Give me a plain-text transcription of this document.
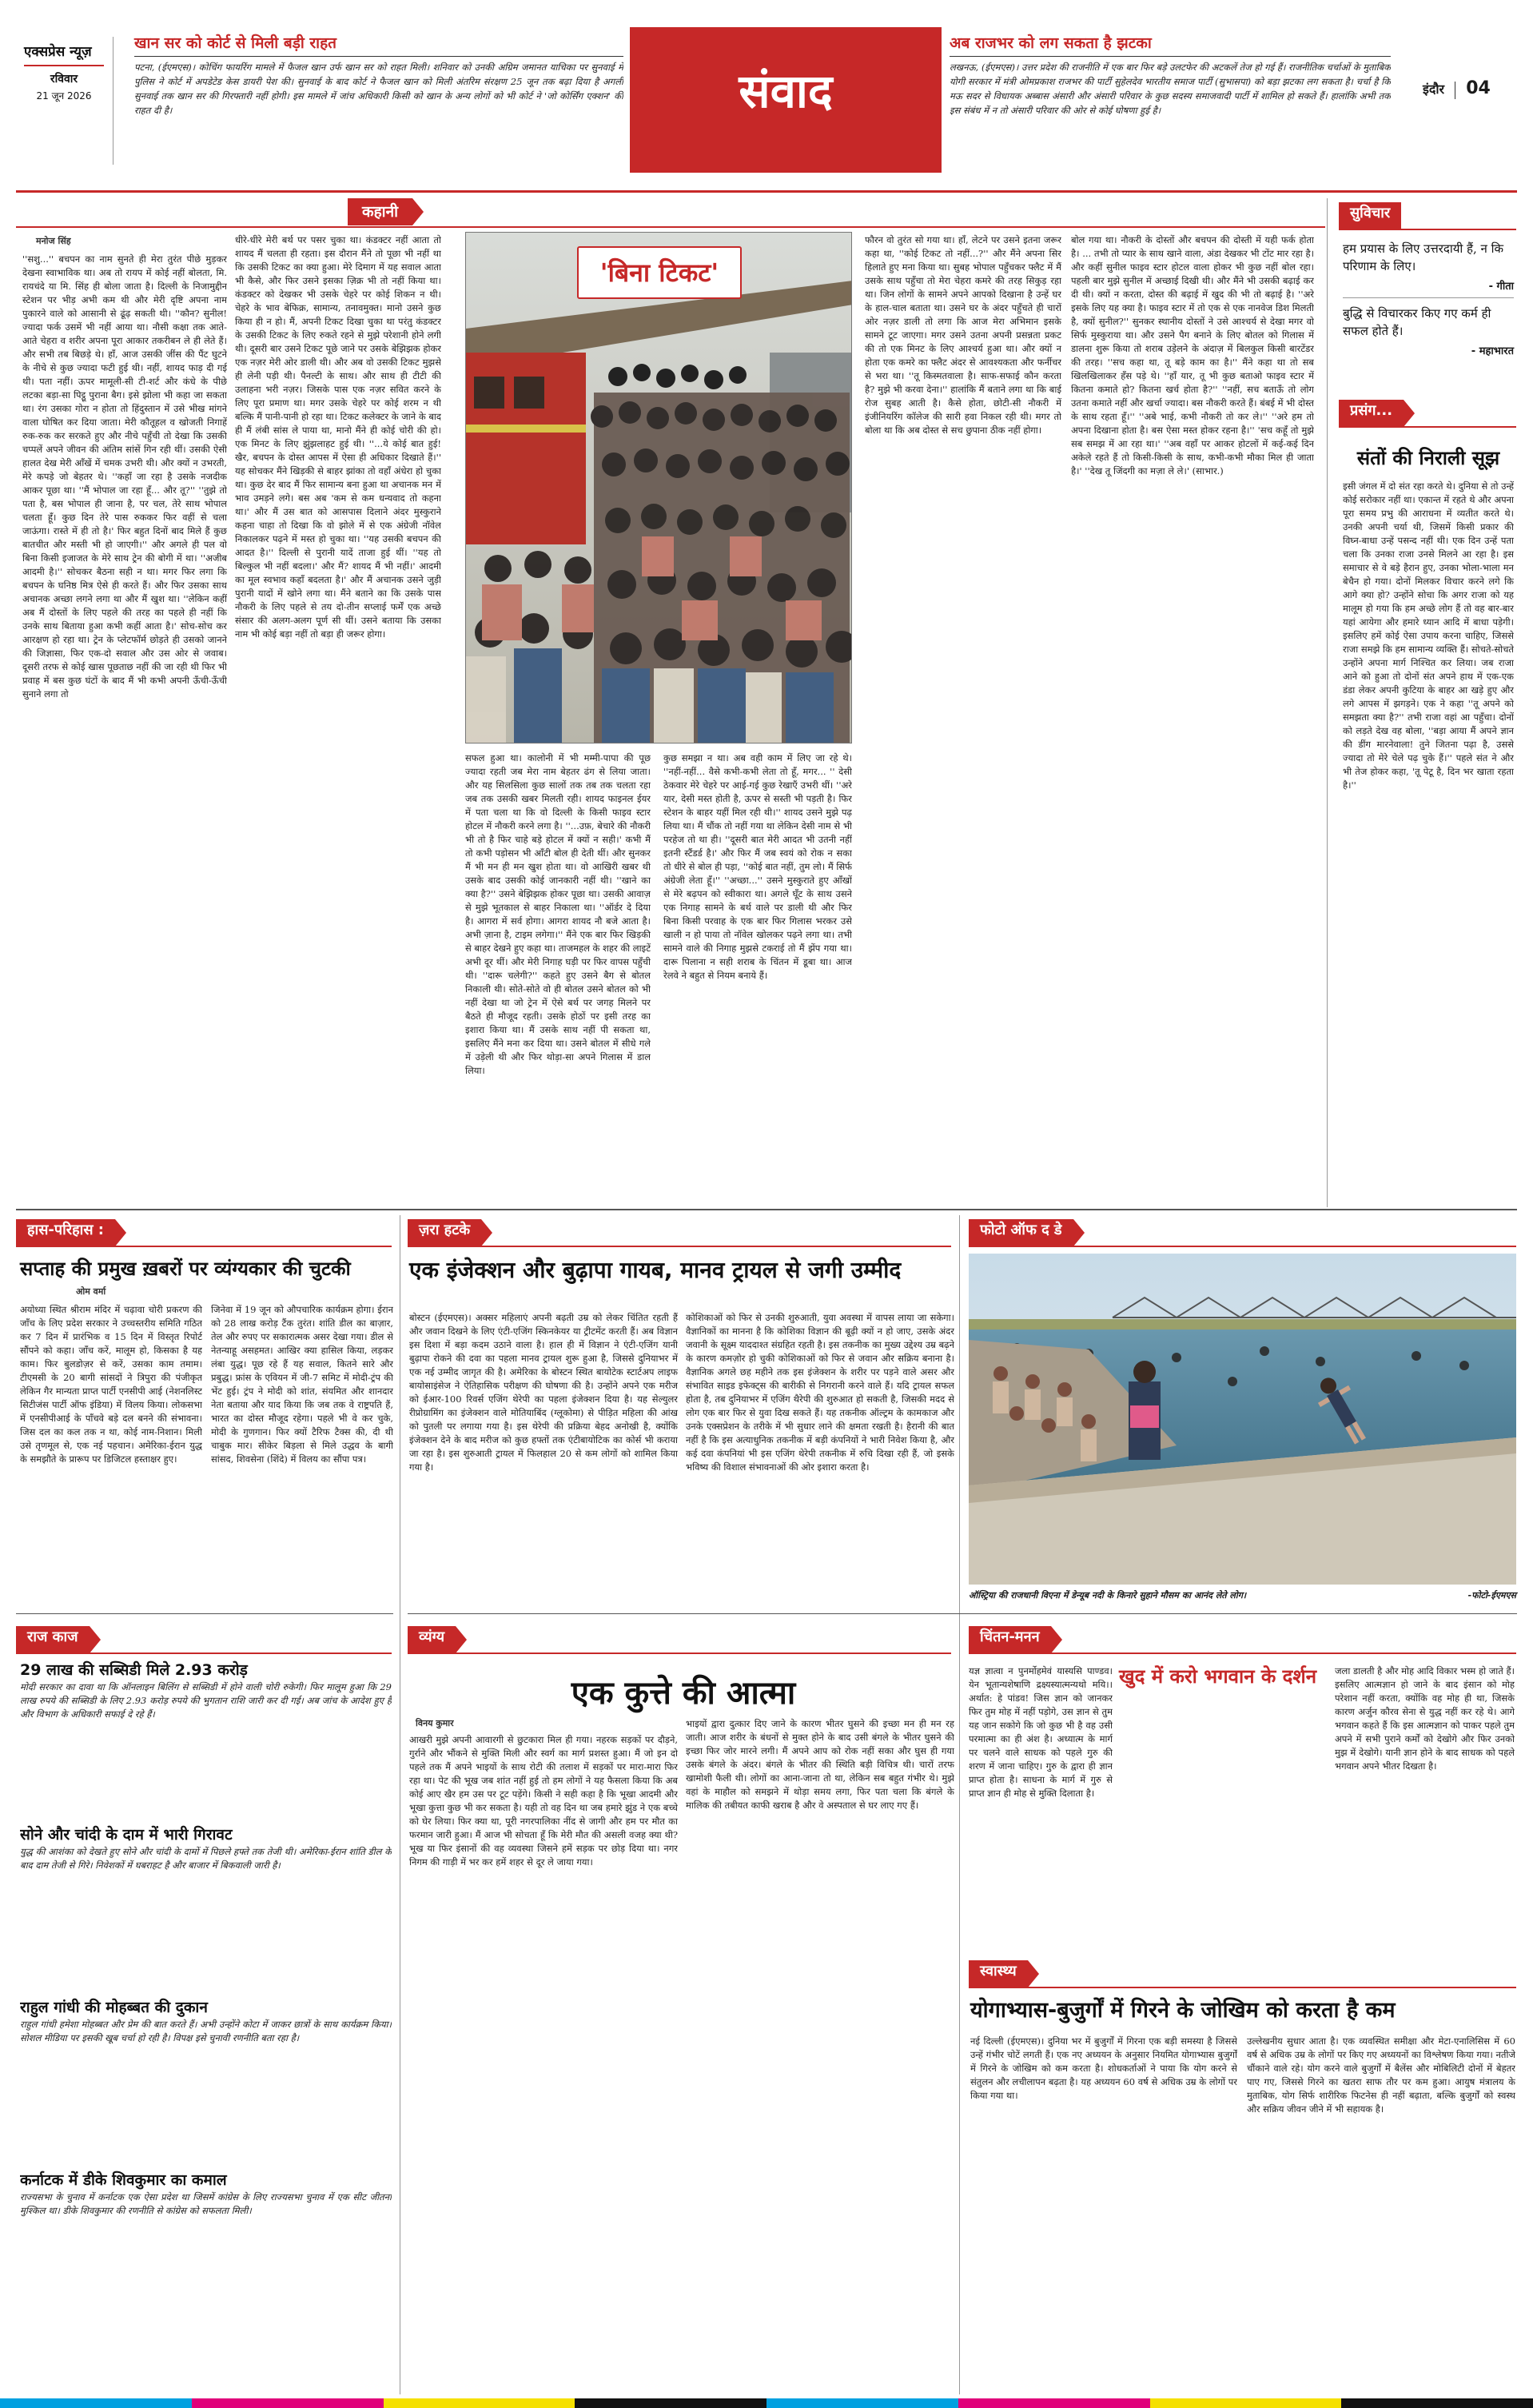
एक्सप्रेस न्यूज़
रविवार
21 जून 2026
खान सर को कोर्ट से मिली बड़ी राहत
पटना, (ईएमएस)। कोचिंग फायरिंग मामले में फैजल खान उर्फ खान सर को राहत मिली। शनिवार को उनकी अग्रिम जमानत याचिका पर सुनवाई में पुलिस ने कोर्ट में अपडेटेड केस डायरी पेश की। सुनवाई के बाद कोर्ट ने फैजल खान को मिली अंतरिम संरक्षण 25 जून तक बढ़ा दिया है अगली सुनवाई तक खान सर की गिरफ्तारी नहीं होगी। इस मामले में जांच अधिकारी किसी को खान के अन्य लोगों को भी कोर्ट ने 'जो कोर्सिंग एक्शन' की राहत दी है।	संवाद
अब राजभर को लग सकता है झटका
लखनऊ, (ईएमएस)। उत्तर प्रदेश की राजनीति में एक बार फिर बड़े उलटफेर की अटकलें तेज हो गई हैं। राजनीतिक चर्चाओं के मुताबिक योगी सरकार में मंत्री ओमप्रकाश राजभर की पार्टी सुहेलदेव भारतीय समाज पार्टी (सुभासपा) को बड़ा झटका लग सकता है। चर्चा है कि मऊ सदर से विधायक अब्बास अंसारी और अंसारी परिवार के कुछ सदस्य समाजवादी पार्टी में शामिल हो सकते हैं। हालांकि अभी तक इस संबंध में न तो अंसारी परिवार की ओर से कोई घोषणा हुई है।
इंदौर 04
कहानी
मनोज सिंह
''सशु...'' बचपन का नाम सुनते ही मेरा तुरंत पीछे मुड़कर देखना स्वाभाविक था। अब तो रायप में कोई नहीं बोलता, मि. रायचंदे या मि. सिंह ही बोला जाता है। दिल्ली के निजामुद्दीन स्टेशन पर भीड़ अभी कम थी और मेरी दृष्टि अपना नाम पुकारने वाले को आसानी से ढूंढ़ सकती थी। ''कौन? सुनील! ज्यादा फर्क उसमें भी नहीं आया था। नौसी कक्षा तक आते-आते चेहरा व शरीर अपना पूरा आकार तकरीबन ले ही लेते हैं। और सभी तब बिछड़े थे। हाँ, आज उसकी जींस की पैंट घुटने के नीचे से कुछ ज्यादा फटी हुई थी। नहीं, शायद फाड़ दी गई थी। पता नहीं। ऊपर मामूली-सी टी-शर्ट और कंधे के पीछे लटका बड़ा-सा पिट्ठू पुराना बैग। इसे झोला भी कहा जा सकता था। रंग उसका गोरा न होता तो हिंदुस्तान में उसे भीख मांगने वाला घोषित कर दिया जाता। मेरी कौतूहल व खोजती निगाहें रुक-रुक कर सरकते हुए और नीचे पहुँची तो देखा कि उसकी चप्पलें अपने जीवन की अंतिम सांसें गिन रही थीं। उसकी ऐसी हालत देख मेरी आँखें में चमक उभरी थी। और क्यों न उभरती, मेरे कपड़े जो बेहतर थे। ''कहाँ जा रहा है उसके नजदीक आकर पूछा था। ''मैं भोपाल जा रहा हूँ... और तू?'' ''तुझे तो पता है, बस भोपाल ही जाना है, पर चल, तेरे साथ भोपाल चलता हूँ। कुछ दिन तेरे पास रुककर फिर वहीं से चला जाऊंगा। रास्ते में ही तो है।' फिर बहुत दिनों बाद मिले हैं कुछ बातचीत और मस्ती भी हो जाएगी।'' और अगले ही पल वो बिना किसी इजाजत के मेरे साथ ट्रेन की बोगी में था। ''अजीब आदमी है।'' सोचकर बैठना सही न था। मगर फिर लगा कि बचपन के घनिष्ठ मित्र ऐसे ही करते हैं। और फिर उसका साथ अचानक अच्छा लगने लगा था और मैं खुश था। ''लेकिन कहीं अब मैं दोस्तों के लिए पहले की तरह का पहले ही नहीं कि उनके साथ बिताया हुआ कभी कहीं आता है।' सोच-सोच कर आरक्षण हो रहा था। ट्रेन के प्लेटफॉर्म छोड़ते ही उसको जानने की जिज्ञासा, फिर एक-दो सवाल और उस ओर से जवाब। दूसरी तरफ से कोई खास पूछताछ नहीं की जा रही थी फिर भी प्रवाह में बस कुछ घंटों के बाद मैं भी कभी अपनी ऊँची-ऊँची सुनाने लगा तो
धीरे-धीरे मेरी बर्थ पर पसर चुका था। कंडक्टर नहीं आता तो शायद मैं चलता ही रहता। इस दौरान मैंने तो पूछा भी नहीं था कि उसकी टिकट का क्या हुआ। मेरे दिमाग में यह सवाल आता भी कैसे, और फिर उसने इसका ज़िक्र भी तो नहीं किया था। कंडक्टर को देखकर भी उसके चेहरे पर कोई शिकन न थी। चेहरे के भाव बेफिक्र, सामान्य, तनावमुक्त। मानो उसने कुछ किया ही न हो। मैं, अपनी टिकट दिखा चुका था परंतु कंडक्टर के उसकी टिकट के लिए रुकते रहने से मुझे परेशानी होने लगी थी। दूसरी बार उसने टिकट पूछे जाने पर उसके बेझिझक होकर एक नज़र मेरी ओर डाली थी। और अब वो उसकी टिकट मुझसे ही लेनी पड़ी थी। पैनल्टी के साथ। और साथ ही टीटी की उलाहना भरी नज़र। जिसके पास एक नज़र सवित करने के लिए पूरा प्रमाण था। मगर उसके चेहरे पर कोई शरम न थी बल्कि मैं पानी-पानी हो रहा था। टिकट कलेक्टर के जाने के बाद ही मैं लंबी सांस ले पाया था, मानो मैंने ही कोई चोरी की हो। एक मिनट के लिए झुंझलाहट हुई थी। ''...ये कोई बात हुई! खैर, बचपन के दोस्त आपस में ऐसा ही अधिकार दिखाते हैं।'' यह सोचकर मैंने खिड़की से बाहर झांका तो वहाँ अंधेरा हो चुका था। कुछ देर बाद मैं फिर सामान्य बना हुआ था अचानक मन में भाव उमड़ने लगे। बस अब 'कम से कम धन्यवाद तो कहना था।' और मैं उस बात को आसपास दिलाने अंदर मुस्कुराने कहना चाहा तो दिखा कि वो झोले में से एक अंग्रेजी नॉवेल निकालकर पढ़ने में मस्त हो चुका था। ''यह उसकी बचपन की आदत है।'' दिल्ली से पुरानी यादें ताजा हुई थीं। ''यह तो बिल्कुल भी नहीं बदला।' और मैं? शायद मैं भी नहीं।' आदमी का मूल स्वभाव कहाँ बदलता है।' और मैं अचानक उसने जुड़ी पुरानी यादों में खोने लगा था। मैंने बताने का कि उसके पास नौकरी के लिए पहले से तय दो-तीन सप्लाई फर्में एक अच्छे संसार की अलग-अलग पूर्ण सी थीं। उसने बताया कि उसका नाम भी कोई बड़ा नहीं तो बड़ा ही जरूर होगा।
'बिना टिकट'
सफल हुआ था। कालोनी में भी मम्मी-पापा की पूछ ज्यादा रहती जब मेरा नाम बेहतर ढंग से लिया जाता। और यह सिलसिला कुछ सालों तक तब तक चलता रहा जब तक उसकी खबर मिलती रही। शायद फाइनल ईयर में पता चला था कि वो दिल्ली के किसी फाइव स्टार होटल में नौकरी करने लगा है। ''...उफ़, बेचारे की नौकरी भी तो है फिर चाहे बड़े होटल में क्यों न सही।' कभी मैं तो कभी पड़ोसन भी आँटी बोल ही देती थीं। और सुनकर मैं भी मन ही मन खुश होता था। वो आखिरी खबर थी उसके बाद उसकी कोई जानकारी नहीं थी। ''खाने का क्या है?'' उसने बेझिझक होकर पूछा था। उसकी आवाज़ से मुझे भूतकाल से बाहर निकाला था। ''ऑर्डर दे दिया है। आगरा में सर्व होगा। आगरा शायद नौ बजे आता है। अभी ज़ाना है, टाइम लगेगा।'' मैंने एक बार फिर खिड़की से बाहर देखने हुए कहा था। ताजमहल के शहर की लाइटें अभी दूर थीं। और मेरी निगाह घड़ी पर फिर वापस पहुँची थी। ''दारू चलेगी?'' कहते हुए उसने बैग से बोतल निकाली थी। सोते-सोते वो ही बोतल उसने बोतल को भी नहीं देखा था जो ट्रेन में ऐसे बर्थ पर जगह मिलने पर बैठते ही मौजूद रहती। उसके होठों पर इसी तरह का इशारा किया था। मैं उसके साथ नहीं पी सकता था, इसलिए मैंने मना कर दिया था। उसने बोतल में सीधे गले में उड़ेली थी और फिर थोड़ा-सा अपने गिलास में डाल लिया।
कुछ समझा न था। अब वही काम में लिए जा रहे थे। ''नहीं-नहीं... वैसे कभी-कभी लेता तो हूँ, मगर... '' देसी ठेकवार मेरे चेहरे पर आई-गई कुछ रेखाएँ उभरी थीं। ''अरे यार, देसी मस्त होती है, ऊपर से सस्ती भी पड़ती है। फिर स्टेशन के बाहर यहीं मिल रही थी।'' शायद उसने मुझे पढ़ लिया था। मैं चौंक तो नहीं गया था लेकिन देसी नाम से भी परहेज तो था ही। ''दूसरी बात मेरी आदत भी उतनी नहीं इतनी स्टैंडर्ड है।' और फिर मैं जब स्वयं को रोक न सका तो धीरे से बोल ही पड़ा, ''कोई बात नहीं, तुम लो। मैं सिर्फ अंग्रेजी लेता हूँ।'' ''अच्छा...'' उसने मुस्कुराते हुए आँखों से मेरे बढ़पन को स्वीकारा था। अगले घूँट के साथ उसने एक निगाह सामने के बर्थ वाले पर डाली थी और फिर बिना किसी परवाह के एक बार फिर गिलास भरकर उसे खाली न हो पाया तो नॉवेल खोलकर पढ़ने लगा था। तभी सामने वाले की निगाह मुझसे टकराई तो मैं झेंप गया था। दारू पिलाना न सही शराब के चिंतन में डूबा था। आज रेलवे ने बहुत से नियम बनाये हैं।
फौरन वो तुरंत सो गया था। हाँ, लेटने पर उसने इतना जरूर कहा था, ''कोई टिकट तो नहीं...?'' और मैंने अपना सिर हिलाते हुए मना किया था। सुबह भोपाल पहुँचकर फ्लैट में मैं उसके साथ पहुँचा तो मेरा चेहरा कमरे की तरह सिकुड़ रहा था। जिन लोगों के सामने अपने आपको दिखाना है उन्हें घर के हाल-चाल बताता था। उसने घर के अंदर पहुँचते ही चारों ओर नज़र डाली तो लगा कि आज मेरा अभिमान इसके सामने टूट जाएगा। मगर उसने उतना अपनी प्रसन्नता प्रकट की तो एक मिनट के लिए आश्चर्य हुआ था। और क्यों न होता एक कमरे का फ्लैट अंदर से आवश्यकता और फर्नीचर से भरा था। ''तू किस्मतवाला है। साफ-सफाई कौन करता है? मुझे भी करवा देना।'' हालांकि मैं बताने लगा था कि बाई रोज सुबह आती है। कैसे होता, छोटी-सी नौकरी में इंजीनियरिंग कॉलेज की सारी हवा निकल रही थी। मगर तो बोला था कि अब दोस्त से सच छुपाना ठीक नहीं होगा।
बोल गया था। नौकरी के दोस्तों और बचपन की दोस्ती में यही फर्क होता है। ... तभी तो प्यार के साथ खाने वाला, अंडा देखकर भी टोंट मार रहा है। और कहीं सुनील फाइव स्टार होटल वाला होकर भी कुछ नहीं बोल रहा। पहली बार मुझे सुनील में अच्छाई दिखी थी। और मैंने भी उसकी बढ़ाई कर दी थी। क्यों न करता, दोस्त की बढ़ाई में खुद की भी तो बढ़ाई है। ''अरे इसके लिए यह क्या है। फाइव स्टार में तो एक से एक नानवेज डिश मिलती है, क्यों सुनील?'' सुनकर स्थानीय दोस्तों ने उसे आश्चर्य से देखा मगर वो सिर्फ मुस्कुराया था। और उसने पैग बनाने के लिए बोतल को गिलास में डालना शुरू किया तो शराब उड़ेलने के अंदाज़ में बिलकुल किसी बारटेंडर की तरह। ''सच कहा था, तू बड़े काम का है।'' मैंने कहा था तो सब खिलखिलाकर हँस पड़े थे। ''हाँ यार, तू भी कुछ बताओ फाइव स्टार में कितना कमाते हो? कितना खर्च होता है?'' ''नहीं, सच बताऊँ तो लोग उतना कमाते नहीं और खर्चा ज्यादा। बस नौकरी करते हैं। बंबई में भी दोस्त के साथ रहता हूँ।'' ''अबे भाई, कभी नौकरी तो कर ले।'' ''अरे हम तो अपना दिखाना होता है। बस ऐसा मस्त होकर रहना है।'' 'सच कहूँ तो मुझे सब समझ में आ रहा था।' ''अब वहाँ पर आकर होटलों में कई-कई दिन अकेले रहते हैं तो किसी-किसी के साथ, कभी-कभी मौका मिल ही जाता है।' ''देख तू जिंदगी का मज़ा ले ले।' (साभार.)
सुविचार
हम प्रयास के लिए उत्तरदायी हैं, न कि परिणाम के लिए।
- गीता
बुद्धि से विचारकर किए गए कर्म ही सफल होते हैं।
- महाभारत
प्रसंग...
संतों की निराली सूझ
इसी जंगल में दो संत रहा करते थे। दुनिया से तो उन्हें कोई सरोकार नहीं था। एकान्त में रहते थे और अपना पूरा समय प्रभु की आराधना में व्यतीत करते थे। उनकी अपनी चर्या थी, जिसमें किसी प्रकार की विघ्न-बाधा उन्हें पसन्द नहीं थी। एक दिन उन्हें पता चला कि उनका राजा उनसे मिलने आ रहा है। इस समाचार से वे बड़े हैरान हुए, उनका भोला-भाला मन बेचैन हो गया। दोनों मिलकर विचार करने लगे कि आगे क्या हो? उन्होंने सोचा कि अगर राजा को यह मालूम हो गया कि हम अच्छे लोग हैं तो वह बार-बार यहां आयेगा और हमारे ध्यान आदि में बाधा पड़ेगी। इसलिए हमें कोई ऐसा उपाय करना चाहिए, जिससे राजा समझे कि हम सामान्य व्यक्ति हैं। सोचते-सोचते उन्होंने अपना मार्ग निश्चित कर लिया। जब राजा आने को हुआ तो दोनों संत अपने हाथ में एक-एक डंडा लेकर अपनी कुटिया के बाहर आ खड़े हुए और लगे आपस में झगड़ने। एक ने कहा ''तू अपने को समझता क्या है?'' तभी राजा वहां आ पहुँचा। दोनों को लड़ते देख वह बोला, ''बड़ा आया मैं अपने ज्ञान की डींग मारनेवाला! तुने जितना पढ़ा है, उससे ज्यादा तो मेरे चेले पढ़ चुके हैं।'' पहले संत ने और भी तेज होकर कहा, 'तू पेटू है, दिन भर खाता रहता है।''
हास-परिहास :
सप्ताह की प्रमुख ख़बरों पर व्यंग्यकार की चुटकी
ओम वर्मा
अयोध्या स्थित श्रीराम मंदिर में चढ़ावा चोरी प्रकरण की जाँच के लिए प्रदेश सरकार ने उच्चस्तरीय समिति गठित कर 7 दिन में प्रारंभिक व 15 दिन में विस्तृत रिपोर्ट सौंपने को कहा। जाँच करें, मालूम हो, किसका है यह काम। फिर बुलडोज़र से करें, उसका काम तमाम। टीएमसी के 20 बागी सांसदों ने त्रिपुरा की पंजीकृत लेकिन गैर मान्यता प्राप्त पार्टी एनसीपी आई (नेशनलिस्ट सिटीजंस पार्टी ऑफ इंडिया) में विलय किया। लोकसभा में एनसीपीआई के पाँचवे बड़े दल बनने की संभावना। जिस दल का कल तक न था, कोई नाम-निशान। मिली उसे तृणमूल से, एक नई पहचान। अमेरिका-ईरान युद्ध के समझौते के प्रारूप पर डिजिटल हस्ताक्षर हुए।
जिनेवा में 19 जून को औपचारिक कार्यक्रम होगा। ईरान को 28 लाख करोड़ टैंक तुरंत। शांति डील का बाज़ार, तेल और रुपए पर सकारात्मक असर देखा गया। डील से नेतन्याहू असहमत। आखिर क्या हासिल किया, लड़कर लंबा युद्ध। पूछ रहे हैं यह सवाल, कितने सारे और प्रबुद्ध। फ्रांस के एवियन में जी-7 समिट में मोदी-ट्रंप की भेंट हुई। ट्रंप ने मोदी को शांत, संयमित और शानदार नेता बताया और याद किया कि जब तक वे राष्ट्रपति हैं, भारत का दोस्त मौजूद रहेगा। पहले भी वे कर चुके, मोदी के गुणगान। फिर क्यों टैरिफ टैक्स की, दी थी चाबुक मार। सीकेर बिड़ला से मिले उद्धव के बागी सांसद, शिवसेना (शिंदे) में विलय का सौंपा पत्र।
ज़रा हटके
एक इंजेक्शन और बुढ़ापा गायब, मानव ट्रायल से जगी उम्मीद
बोस्टन (ईएमएस)। अक्सर महिलाएं अपनी बढ़ती उम्र को लेकर चिंतित रहती हैं और जवान दिखने के लिए एंटी-एजिंग स्किनकेयर या ट्रीटमेंट करती हैं। अब विज्ञान इस दिशा में बड़ा कदम उठाने वाला है। हाल ही में विज्ञान ने एंटी-एजिंग यानी बुढ़ापा रोकने की दवा का पहला मानव ट्रायल शुरू हुआ है, जिससे दुनियाभर में एक नई उम्मीद जागृत की है। अमेरिका के बोस्टन स्थित बायोटेक स्टार्टअप लाइफ बायोसाइंसेज ने ऐतिहासिक परीक्षण की घोषणा की है। उन्होंने अपने एक मरीज को ईआर-100 रिवर्स एजिंग थेरेपी का पहला इंजेक्शन दिया है। यह सेल्युलर रीप्रोग्रामिंग का इंजेक्शन वाले मोतियाबिंद (ग्लूकोमा) से पीड़ित महिला की आंख को पुतली पर लगाया गया है। इस थेरेपी की प्रक्रिया बेहद अनोखी है, क्योंकि इंजेक्शन देने के बाद मरीज को कुछ हफ्तों तक एंटीबायोटिक का कोर्स भी कराया जा रहा है। इस शुरुआती ट्रायल में फिलहाल 20 से कम लोगों को शामिल किया गया है।
कोशिकाओं को फिर से उनकी शुरुआती, युवा अवस्था में वापस लाया जा सकेगा। वैज्ञानिकों का मानना है कि कोशिका विज्ञान की बूढ़ी क्यों न हो जाए, उसके अंदर जवानी के सूक्ष्म याददाश्त संग्रहित रहती है। इस तकनीक का मुख्य उद्देश्य उम्र बढ़ने के कारण कमज़ोर हो चुकी कोशिकाओं को फिर से जवान और सक्रिय बनाना है। वैज्ञानिक अगले छह महीने तक इस इंजेक्शन के शरीर पर पड़ने वाले असर और संभावित साइड इफेक्ट्स की बारीकी से निगरानी करने वाले हैं। यदि ट्रायल सफल होता है, तब दुनियाभर में एजिंग थैरेपी की शुरुआत हो सकती है, जिसकी मदद से लोग एक बार फिर से युवा दिख सकते हैं। यह तकनीक ऑल्ट्रम के कामकाज और उनके एक्सप्रेशन के तरीके में भी सुधार लाने की क्षमता रखती है। हैरानी की बात नहीं है कि इस अत्याधुनिक तकनीक में बड़ी कंपनियों ने भारी निवेश किया है, और कई दवा कंपनियां भी इस एजिंग थेरेपी तकनीक में रुचि दिखा रही हैं, जो इसके भविष्य की विशाल संभावनाओं की ओर इशारा करता है।
फोटो ऑफ द डे
ऑस्ट्रिया की राजधानी विएना में डेन्यूब नदी के किनारे सुहाने मौसम का आनंद लेते लोग।	-फोटो-ईएमएस
राज काज
29 लाख की सब्सिडी मिले 2.93 करोड़
मोदी सरकार का दावा था कि ऑनलाइन बिलिंग से सब्सिडी में होने वाली चोरी रुकेगी। फिर मालूम हुआ कि 29 लाख रुपये की सब्सिडी के लिए 2.93 करोड़ रुपये की भुगतान राशि जारी कर दी गई। अब जांच के आदेश हुए हैं और विभाग के अधिकारी सफाई दे रहे हैं।
सोने और चांदी के दाम में भारी गिरावट
युद्ध की आशंका को देखते हुए सोने और चांदी के दामों में पिछले हफ्ते तक तेजी थी। अमेरिका-ईरान शांति डील के बाद दाम तेजी से गिरे। निवेशकों में घबराहट है और बाजार में बिकवाली जारी है।
राहुल गांधी की मोहब्बत की दुकान
राहुल गांधी हमेशा मोहब्बत और प्रेम की बात करते हैं। अभी उन्होंने कोटा में जाकर छात्रों के साथ कार्यक्रम किया। सोशल मीडिया पर इसकी खूब चर्चा हो रही है। विपक्ष इसे चुनावी रणनीति बता रहा है।
कर्नाटक में डीके शिवकुमार का कमाल
राज्यसभा के चुनाव में कर्नाटक एक ऐसा प्रदेश था जिसमें कांग्रेस के लिए राज्यसभा चुनाव में एक सीट जीतना मुश्किल था। डीके शिवकुमार की रणनीति से कांग्रेस को सफलता मिली।
व्यंग्य
एक कुत्ते की आत्मा
विनय कुमार
आखरी मुझे अपनी आवारगी से छुटकारा मिल ही गया। नहरक सड़कों पर दौड़ने, गुर्राने और भौंकने से मुक्ति मिली और स्वर्ग का मार्ग प्रशस्त हुआ। मैं जो इन दो पहले तक मैं अपने भाइयों के साथ रोटी की तलाश में सड़कों पर मारा-मारा फिर रहा था। पेट की भूख जब शांत नहीं हुई तो हम लोगों ने यह फैसला किया कि अब कोई आए खैर हम उस पर टूट पड़ेंगे। किसी ने सही कहा है कि भूखा आदमी और भूखा कुत्ता कुछ भी कर सकता है। यही तो वह दिन था जब हमारे झुंड ने एक बच्चे को घेर लिया। फिर क्या था, पूरी नगरपालिका नींद से जागी और हम पर मौत का फरमान जारी हुआ। मैं आज भी सोचता हूँ कि मेरी मौत की असली वजह क्या थी? भूख या फिर इंसानों की वह व्यवस्था जिसने हमें सड़क पर छोड़ दिया था। नगर निगम की गाड़ी में भर कर हमें शहर से दूर ले जाया गया।
भाइयों द्वारा दुत्कार दिए जाने के कारण भीतर घुसने की इच्छा मन ही मन रह जाती। आज शरीर के बंधनों से मुक्त होने के बाद उसी बंगले के भीतर घुसने की इच्छा फिर जोर मारने लगी। मैं अपने आप को रोक नहीं सका और घुस ही गया उसके बंगले के अंदर। बंगले के भीतर की स्थिति बड़ी विचित्र थी। चारों तरफ खामोशी फैली थी। लोगों का आना-जाना तो था, लेकिन सब बहुत गंभीर थे। मुझे वहां के माहौल को समझने में थोड़ा समय लगा, फिर पता चला कि बंगले के मालिक की तबीयत काफी खराब है और वे अस्पताल से घर लाए गए हैं।
चिंतन-मनन
खुद में करो भगवान के दर्शन
यज्ञ ज्ञात्वा न पुनर्मोहमेवं यास्यसि पाण्डव। येन भूतान्यशेषाणि द्रक्ष्यस्यात्मन्यथो मयि।। अर्थात: हे पांडव! जिस ज्ञान को जानकर फिर तुम मोह में नहीं पड़ोगे, उस ज्ञान से तुम यह जान सकोगे कि जो कुछ भी है वह उसी परमात्मा का ही अंश है। अध्यात्म के मार्ग पर चलने वाले साधक को पहले गुरु की शरण में जाना चाहिए। गुरु के द्वारा ही ज्ञान प्राप्त होता है। साधना के मार्ग में गुरु से प्राप्त ज्ञान ही मोह से मुक्ति दिलाता है।
जला डालती है और मोह आदि विकार भस्म हो जाते हैं। इसलिए आत्मज्ञान हो जाने के बाद इंसान को मोह परेशान नहीं करता, क्योंकि वह मोह ही था, जिसके कारण अर्जुन कौरव सेना से युद्ध नहीं कर रहे थे। आगे भगवान कहते हैं कि इस आत्मज्ञान को पाकर पहले तुम अपने में सभी पुराने कर्मों को देखोगे और फिर उनको मुझ में देखोगे। यानी ज्ञान होने के बाद साधक को पहले भगवान अपने भीतर दिखता है।
स्वास्थ्य
योगाभ्यास-बुजुर्गों में गिरने के जोखिम को करता है कम
नई दिल्ली (ईएमएस)। दुनिया भर में बुजुर्गों में गिरना एक बड़ी समस्या है जिससे उन्हें गंभीर चोटें लगती हैं। एक नए अध्ययन के अनुसार नियमित योगाभ्यास बुजुर्गों में गिरने के जोखिम को कम करता है। शोधकर्ताओं ने पाया कि योग करने से संतुलन और लचीलापन बढ़ता है। यह अध्ययन 60 वर्ष से अधिक उम्र के लोगों पर किया गया था।
उल्लेखनीय सुधार आता है। एक व्यवस्थित समीक्षा और मेटा-एनालिसिस में 60 वर्ष से अधिक उम्र के लोगों पर किए गए अध्ययनों का विश्लेषण किया गया। नतीजे चौंकाने वाले रहे। योग करने वाले बुजुर्गों में बैलेंस और मोबिलिटी दोनों में बेहतर पाए गए, जिससे गिरने का खतरा साफ तौर पर कम हुआ। आयुष मंत्रालय के मुताबिक, योग सिर्फ शारीरिक फिटनेस ही नहीं बढ़ाता, बल्कि बुजुर्गों को स्वस्थ और सक्रिय जीवन जीने में भी सहायक है।
